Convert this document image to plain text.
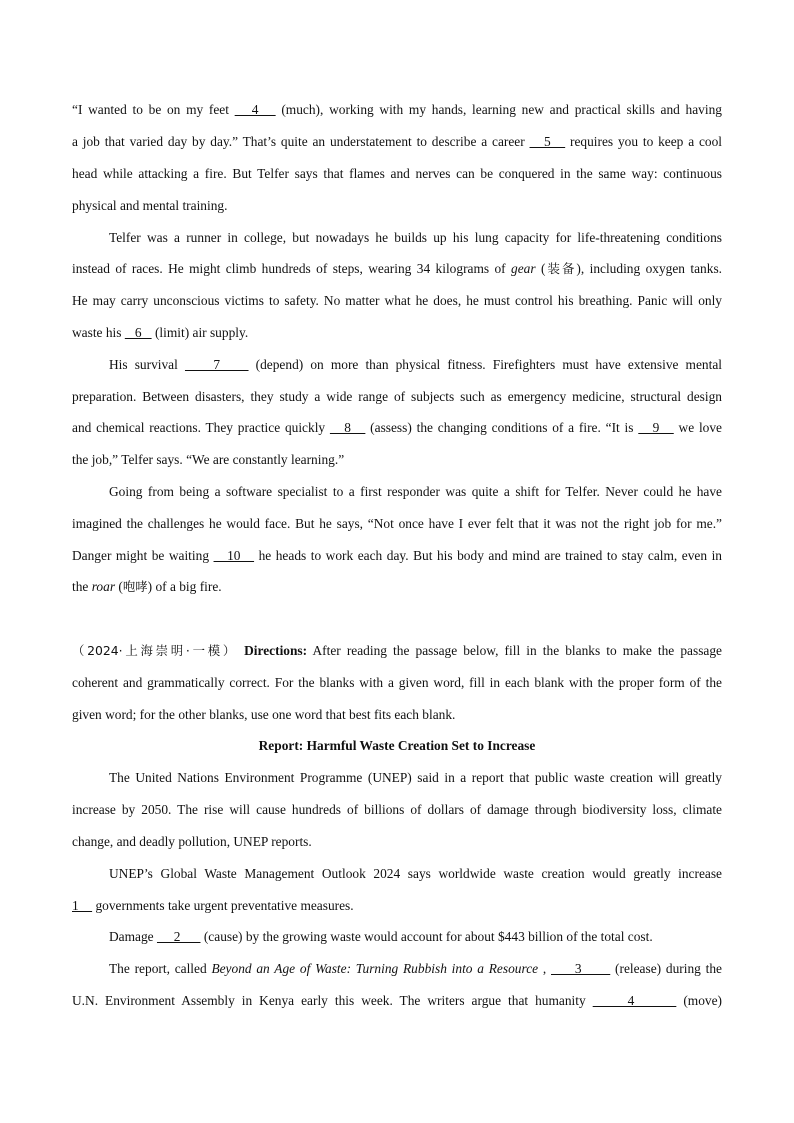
“I wanted to be on my feet    4    (much), working with my hands, learning new and practical skills and having
a job that varied day by day.” That’s quite an understatement to describe a career    5    requires you to keep a cool
head while attacking a fire. But Telfer says that flames and nerves can be conquered in the same way: continuous
physical and mental training.
Telfer was a runner in college, but nowadays he builds up his lung capacity for life-threatening conditions
instead of races. He might climb hundreds of steps, wearing 34 kilograms of gear (装备), including oxygen tanks.
He may carry unconscious victims to safety. No matter what he does, he must control his breathing. Panic will only
waste his    6    (limit) air supply.
His survival     7     (depend) on more than physical fitness. Firefighters must have extensive mental
preparation. Between disasters, they study a wide range of subjects such as emergency medicine, structural design
and chemical reactions. They practice quickly    8    (assess) the changing conditions of a fire. “It is    9    we love
the job,” Telfer says. “We are constantly learning.”
Going from being a software specialist to a first responder was quite a shift for Telfer. Never could he have
imagined the challenges he would face. But he says, “Not once have I ever felt that it was not the right job for me.”
Danger might be waiting    10    he heads to work each day. But his body and mind are trained to stay calm, even in
the roar (咆哮) of a big fire.
（2024·上海崇明·一模） Directions: After reading the passage below, fill in the blanks to make the passage
coherent and grammatically correct. For the blanks with a given word, fill in each blank with the proper form of the
given word; for the other blanks, use one word that best fits each blank.
Report: Harmful Waste Creation Set to Increase
The United Nations Environment Programme (UNEP) said in a report that public waste creation will greatly
increase by 2050. The rise will cause hundreds of billions of dollars of damage through biodiversity loss, climate
change, and deadly pollution, UNEP reports.
UNEP’s Global Waste Management Outlook 2024 says worldwide waste creation would greatly increase
1     governments take urgent preventative measures.
Damage      2       (cause) by the growing waste would account for about $443 billion of the total cost.
The report, called Beyond an Age of Waste: Turning Rubbish into a Resource ,      3       (release) during the
U.N. Environment Assembly in Kenya early this week. The writers argue that humanity      4       (move)
